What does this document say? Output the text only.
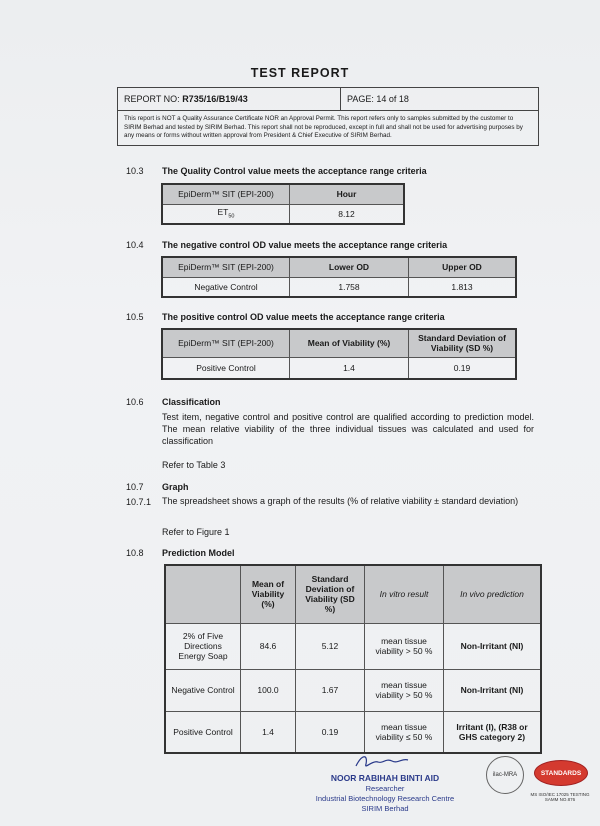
TEST REPORT
REPORT NO: R735/16/B19/43	PAGE: 14 of 18
This report is NOT a Quality Assurance Certificate NOR an Approval Permit. This report refers only to samples submitted by the customer to SIRIM Berhad and tested by SIRIM Berhad. This report shall not be reproduced, except in full and shall not be used for advertising purposes by any means or forms without written approval from President & Chief Executive of SIRIM Berhad.
10.3 The Quality Control value meets the acceptance range criteria
EpiDerm™ SIT (EPI-200)	Hour
$ET_{50}$	8.12
10.4 The negative control OD value meets the acceptance range criteria
EpiDerm™ SIT (EPI-200)	Lower OD	Upper OD
Negative Control	1.758	1.813
10.5 The positive control OD value meets the acceptance range criteria
EpiDerm™ SIT (EPI-200)	Mean of Viability (%)	Standard Deviation of Viability (SD %)
Positive Control	1.4	0.19
10.6 Classification
Test item, negative control and positive control are qualified according to prediction model. The mean relative viability of the three individual tissues was calculated and used for classification
Refer to Table 3
10.7 Graph
10.7.1 The spreadsheet shows a graph of the results (% of relative viability ± standard deviation)
Refer to Figure 1
10.8 Prediction Model
	Mean of Viability (%)	Standard Deviation of Viability (SD %)	In vitro result	In vivo prediction
2% of Five Directions Energy Soap	84.6	5.12	mean tissue viability > 50 %	Non-Irritant (NI)
Negative Control	100.0	1.67	mean tissue viability > 50 %	Non-Irritant (NI)
Positive Control	1.4	0.19	mean tissue viability ≤ 50 %	Irritant (I), (R38 or GHS category 2)
NOOR RABIHAH BINTI AID
Researcher
Industrial Biotechnology Research Centre
SIRIM Berhad
ilac-MRA	STANDARDS
MS ISO/IEC 17025 TESTING SAMM NO.876
